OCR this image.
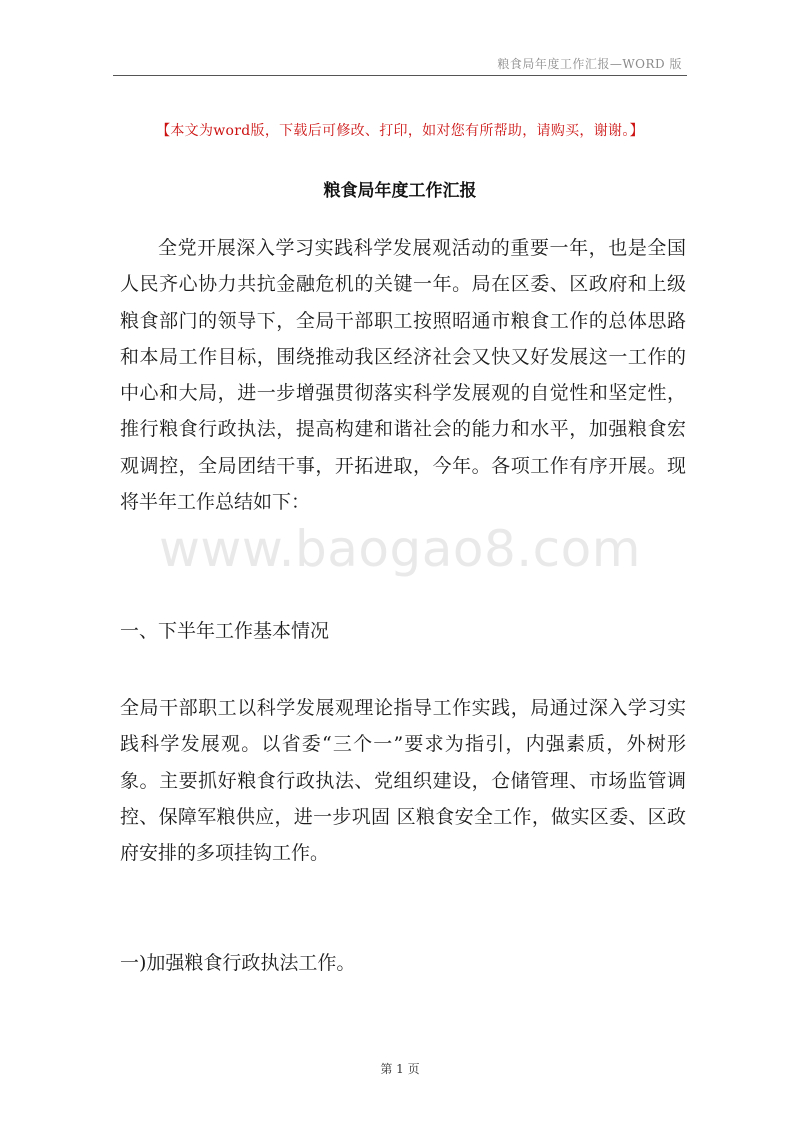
粮食局年度工作汇报—WORD 版
【本文为word版，下载后可修改、打印，如对您有所帮助，请购买，谢谢。】
粮食局年度工作汇报

全党开展深入学习实践科学发展观活动的重要一年，也是全国人民齐心协力共抗金融危机的关键一年。局在区委、区政府和上级粮食部门的领导下，全局干部职工按照昭通市粮食工作的总体思路和本局工作目标，围绕推动我区经济社会又快又好发展这一工作的中心和大局，进一步增强贯彻落实科学发展观的自觉性和坚定性，推行粮食行政执法，提高构建和谐社会的能力和水平，加强粮食宏观调控，全局团结干事，开拓进取，今年。各项工作有序开展。现将半年工作总结如下：

一、下半年工作基本情况

全局干部职工以科学发展观理论指导工作实践，局通过深入学习实践科学发展观。以省委“三个一”要求为指引，内强素质，外树形象。主要抓好粮食行政执法、党组织建设，仓储管理、市场监管调控、保障军粮供应，进一步巩固 区粮食安全工作，做实区委、区政府安排的多项挂钩工作。

一)加强粮食行政执法工作。

www.baogao8.com
第 1 页
